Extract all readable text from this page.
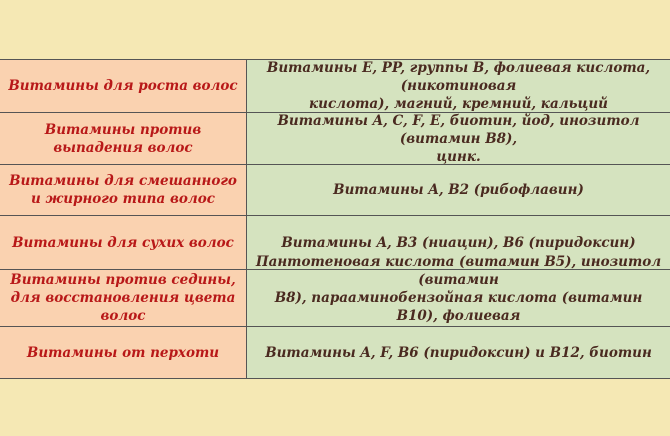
Витамины для роста волос
Витамины E, PP, группы B, фолиевая кислота, (никотиновая
кислота), магний, кремний, кальций
Витамины против выпадения волос
Витамины A, C, F, E, биотин, йод, инозитол (витамин В8),
цинк.
Витамины для смешанного и жирного типа волос
Витамины A, B2 (рибофлавин)
Витамины для сухих волос	Витамины A, B3 (ниацин), B6 (пиридоксин)
Витамины против седины, для восстановления цвета волос
(витамин
В8), парааминобензойная кислота (витамин В10), фолиевая

Витамины от перхоти	Витамины A, F, B6 (пиридоксин) и В12, биотин
